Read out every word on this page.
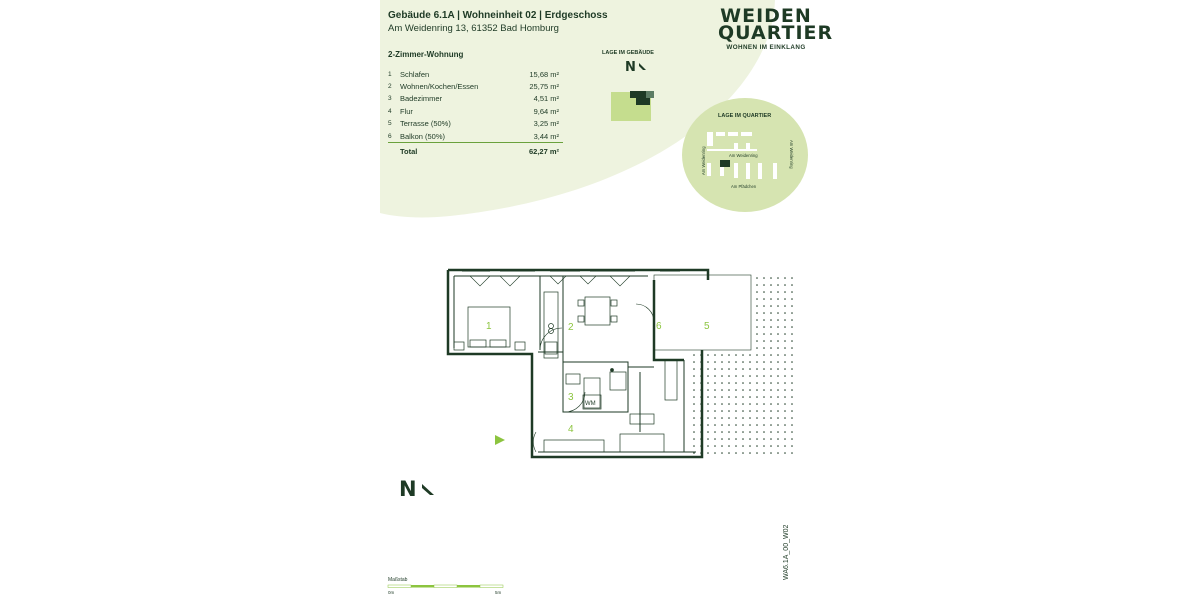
Gebäude 6.1A | Wohneinheit 02 | Erdgeschoss
Am Weidenring 13, 61352 Bad Homburg
WEIDEN
QUARTIER
WOHNEN IM EINKLANG
2-Zimmer-Wohnung
1	Schlafen	15,68 m²
2	Wohnen/Kochen/Essen	25,75 m²
3	Badezimmer	4,51 m²
4	Flur	9,64 m²
5	Terrasse (50%)	3,25 m²
6	Balkon (50%)	3,44 m²
	Total	62,27 m²
LAGE IM GEBÄUDE
N
LAGE IM QUARTIER
Am Weidenring
Am Weidenring	Am Weidenring
Am Pfädchen
1	2
3
4
5
6
WM
N
Maßstab
0m	5m
WA6.1A_00_W02
